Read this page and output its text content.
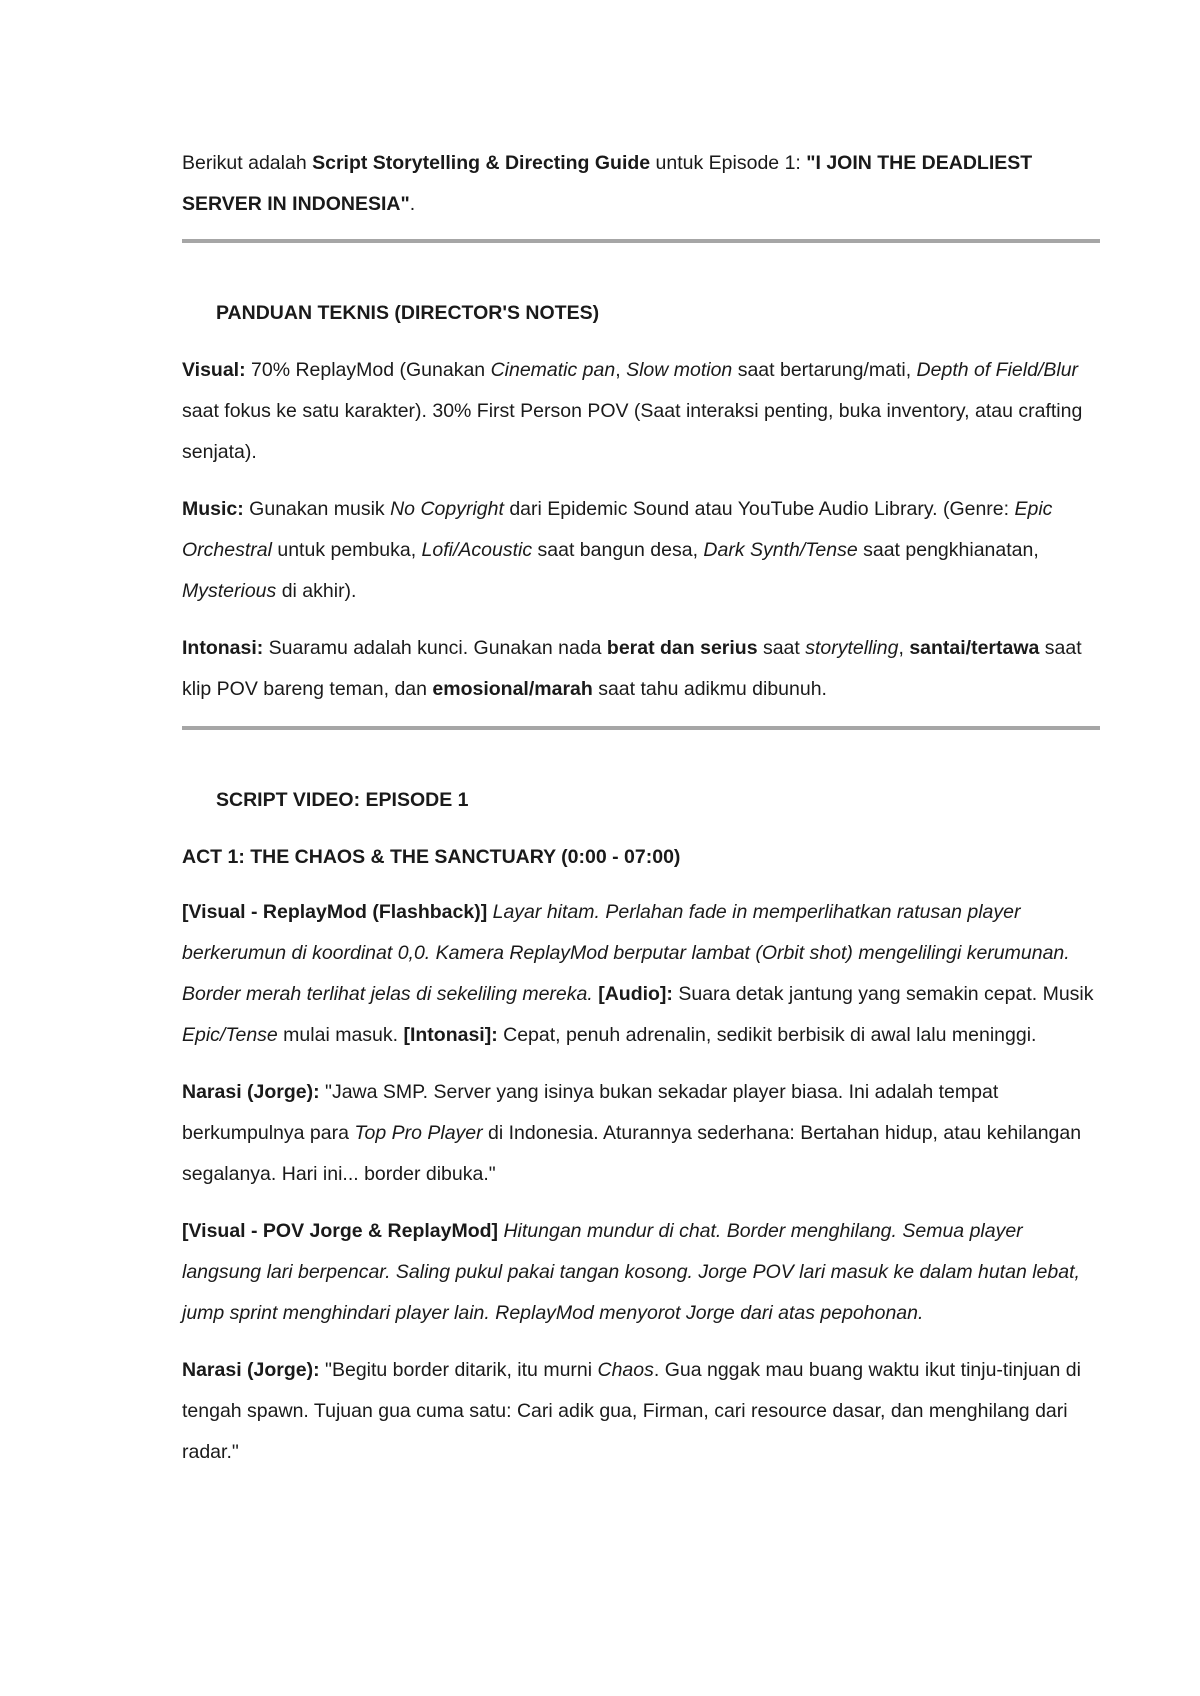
Berikut adalah Script Storytelling & Directing Guide untuk Episode 1: "I JOIN THE DEADLIEST SERVER IN INDONESIA".

PANDUAN TEKNIS (DIRECTOR'S NOTES)

Visual: 70% ReplayMod (Gunakan Cinematic pan, Slow motion saat bertarung/mati, Depth of Field/Blur saat fokus ke satu karakter). 30% First Person POV (Saat interaksi penting, buka inventory, atau crafting senjata).

Music: Gunakan musik No Copyright dari Epidemic Sound atau YouTube Audio Library. (Genre: Epic Orchestral untuk pembuka, Lofi/Acoustic saat bangun desa, Dark Synth/Tense saat pengkhianatan, Mysterious di akhir).

Intonasi: Suaramu adalah kunci. Gunakan nada berat dan serius saat storytelling, santai/tertawa saat klip POV bareng teman, dan emosional/marah saat tahu adikmu dibunuh.

SCRIPT VIDEO: EPISODE 1
ACT 1: THE CHAOS & THE SANCTUARY (0:00 - 07:00)

[Visual - ReplayMod (Flashback)] Layar hitam. Perlahan fade in memperlihatkan ratusan player berkerumun di koordinat 0,0. Kamera ReplayMod berputar lambat (Orbit shot) mengelilingi kerumunan. Border merah terlihat jelas di sekeliling mereka. [Audio]: Suara detak jantung yang semakin cepat. Musik Epic/Tense mulai masuk. [Intonasi]: Cepat, penuh adrenalin, sedikit berbisik di awal lalu meninggi.

Narasi (Jorge): "Jawa SMP. Server yang isinya bukan sekadar player biasa. Ini adalah tempat berkumpulnya para Top Pro Player di Indonesia. Aturannya sederhana: Bertahan hidup, atau kehilangan segalanya. Hari ini... border dibuka."

[Visual - POV Jorge & ReplayMod] Hitungan mundur di chat. Border menghilang. Semua player langsung lari berpencar. Saling pukul pakai tangan kosong. Jorge POV lari masuk ke dalam hutan lebat, jump sprint menghindari player lain. ReplayMod menyorot Jorge dari atas pepohonan.

Narasi (Jorge): "Begitu border ditarik, itu murni Chaos. Gua nggak mau buang waktu ikut tinju-tinjuan di tengah spawn. Tujuan gua cuma satu: Cari adik gua, Firman, cari resource dasar, dan menghilang dari radar."
